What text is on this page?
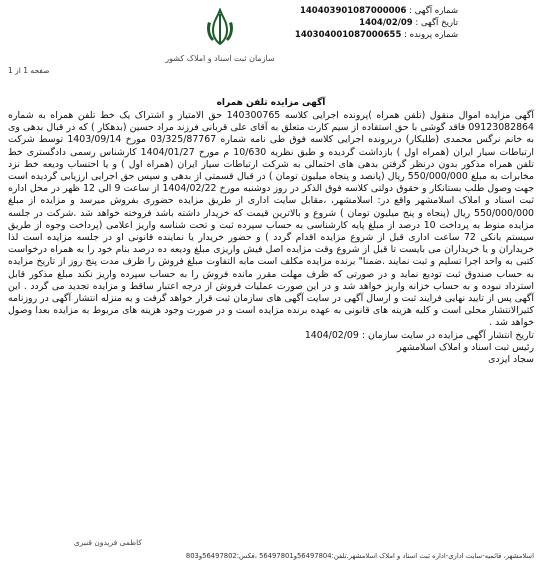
شماره آگهی : 140403901087000006
تاریخ آگهی : 1404/02/09
شماره پرونده : 140304001087000655
سازمان ثبت اسناد و املاک کشور
صفحه 1 از 1
آگهی مزایده تلفن همراه

آگهی مزایده اموال منقول (تلفن همراه )پرونده اجرایی کلاسه 140300765 حق الامتیاز و اشتراک یک خط تلفن همراه به شماره 09123082864 فاقد گوشی با حق استفاده از سیم کارت متعلق به آقای علی قربانی فرزند مراد حسین (بدهکار ) که در قبال بدهی وی به خانم نرگس محمدی (طلبکار) دربرونده اجرایی کلاسه فوق طی نامه شماره 03/325/87767 مورخ 1403/09/14 توسط شرکت ارتباطات سیار ایران (همراه اول ) بازداشت گردیده و طبق نظریه 10/630 م مورخ 1404/01/27 کارشناس رسمی دادگستری خط تلفن همراه مذکور بدون درنظر گرفتن بدهی های احتمالی به شرکت ارتباطات سیار ایران (همراه اول ) و یا احتساب ودیعه خط نزد مخابرات به مبلغ 550/000/000 ریال (پانصد و پنجاه میلیون تومان ) در قبال قسمتی از بدهی و سپس حق اجرایی ارزیابی گردیده است جهت وصول طلب بستانکار و حقوق دولتی کلاسه فوق الذکر در روز دوشنبه مورخ 1404/02/22 از ساعت 9 الی 12 ظهر در محل اداره ثبت اسناد و املاک اسلامشهر واقع در: اسلامشهر، ،مقابل سایت اداری از طریق مزایده حضوری بفروش میرسد و مزایده از مبلغ 550/000/000 ریال (پنجاه و پنج میلیون تومان ) شروع و بالاترین قیمت که خریدار داشته باشد فروخته خواهد شد .شرکت در جلسه مزایده منوط به پرداخت 10 درصد از مبلغ پایه کارشناسی به حساب سپرده ثبت و تحت شناسه واریز اعلامی (پرداخت وجوه از طریق سیستم بانکی 72 ساعت اداری قبل از شروع مزایده اقدام گردد ) و حضور خریدار یا نماینده قانونی او در جلسه مزایده است لذا خریداران و یا خریداران می بایست تا قبل از شروع وقت مزایده اصل فیش واریزی مبلغ ودیعه ده درصد بنام خود را به همراه درخواست کتبی به واحد اجرا تسلیم و ثبت نمایند .ضمنا" برنده مزایده مکلف است مابه التفاوت مبلغ فروش را ظرف مدت پنج روز از تاریخ مزایده به حساب صندوق ثبت تودیع نماید و در صورتی که ظرف مهلت مقرر مانده فروش را به حساب سپرده واریز نکند مبلغ مذکور قابل استرداد نبوده و به حساب خزانه واریز خواهد شد و در این صورت عملیات فروش از درجه اعتبار ساقط و مزایده تجدید می گردد . این آگهی پس از تایید نهایی فرایند ثبت و ارسال آگهی در سایت آگهی های سازمان ثبت قرار خواهد گرفت و به منزله انتشار آگهی در روزنامه کثیرالانتشار محلی است و کلیه هزینه های قانونی به عهده برنده مزایده است و در صورت وجود هزینه های مربوط به مزایده بعدا وصول خواهد شد .

تاریخ انتشار آگهی مزایده در سایت سازمان : 1404/02/09

رئیس ثبت اسناد و املاک اسلامشهر

سجاد ایزدی

کاظمی فریدون قنبری
اسلامشهر، قائمیه-سایت اداری-اداره ثبت اسناد و املاک اسلامشهر.تلفن:56497804و56497801 ،فکس:56497802و803
